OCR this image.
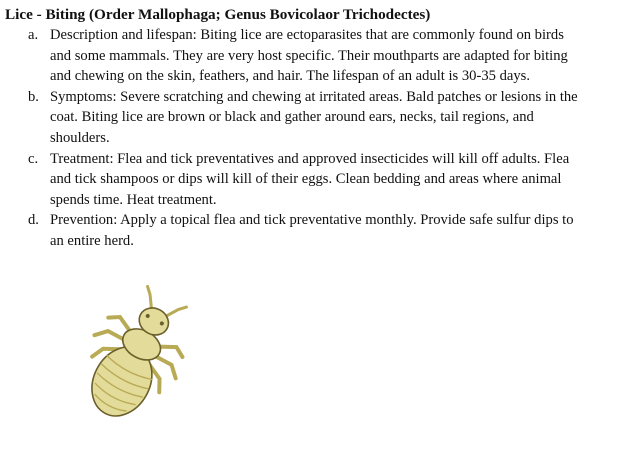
Lice - Biting (Order Mallophaga; Genus Bovicolaor Trichodectes)
a. Description and lifespan: Biting lice are ectoparasites that are commonly found on birds and some mammals. They are very host specific. Their mouthparts are adapted for biting and chewing on the skin, feathers, and hair. The lifespan of an adult is 30-35 days.
b. Symptoms: Severe scratching and chewing at irritated areas. Bald patches or lesions in the coat. Biting lice are brown or black and gather around ears, necks, tail regions, and shoulders.
c. Treatment: Flea and tick preventatives and approved insecticides will kill off adults. Flea and tick shampoos or dips will kill of their eggs. Clean bedding and areas where animal spends time. Heat treatment.
d. Prevention: Apply a topical flea and tick preventative monthly. Provide safe sulfur dips to an entire herd.
